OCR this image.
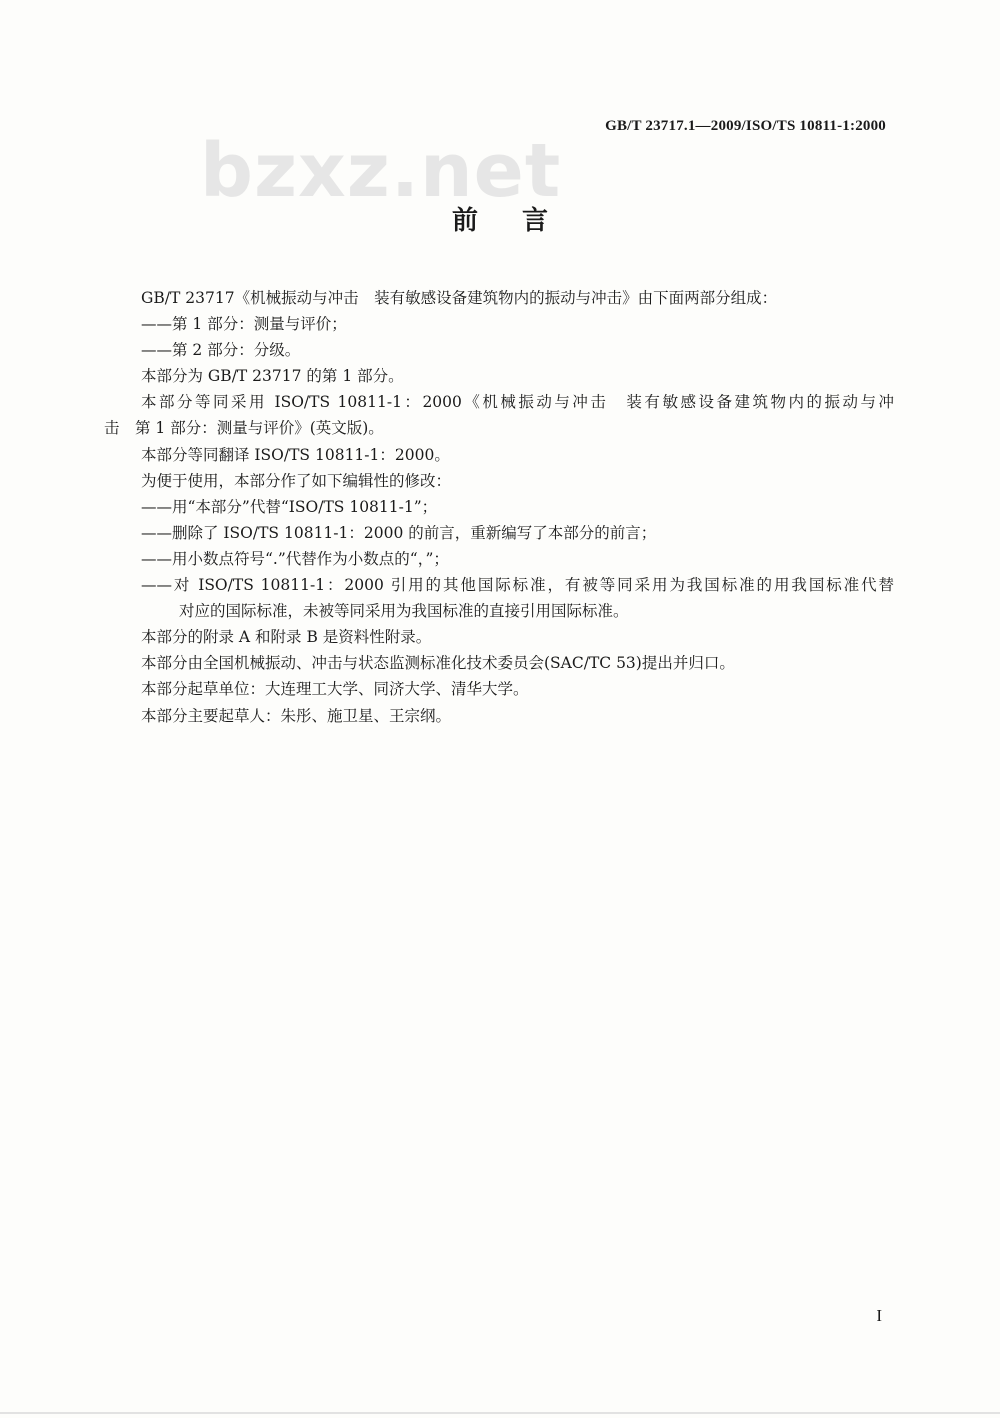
bzxz.net
GB/T 23717.1—2009/ISO/TS 10811-1:2000
前言
GB/T 23717《机械振动与冲击　装有敏感设备建筑物内的振动与冲击》由下面两部分组成：
——第 1 部分：测量与评价；
——第 2 部分：分级。
本部分为 GB/T 23717 的第 1 部分。
本部分等同采用 ISO/TS 10811-1：2000《机械振动与冲击　装有敏感设备建筑物内的振动与冲
击　第 1 部分：测量与评价》(英文版)。
本部分等同翻译 ISO/TS 10811-1：2000。
为便于使用，本部分作了如下编辑性的修改：
——用“本部分”代替“ISO/TS 10811-1”；
——删除了 ISO/TS 10811-1：2000 的前言，重新编写了本部分的前言；
——用小数点符号“.”代替作为小数点的“，”；
——对 ISO/TS 10811-1：2000 引用的其他国际标准，有被等同采用为我国标准的用我国标准代替
对应的国际标准，未被等同采用为我国标准的直接引用国际标准。
本部分的附录 A 和附录 B 是资料性附录。
本部分由全国机械振动、冲击与状态监测标准化技术委员会(SAC/TC 53)提出并归口。
本部分起草单位：大连理工大学、同济大学、清华大学。
本部分主要起草人：朱彤、施卫星、王宗纲。
I
